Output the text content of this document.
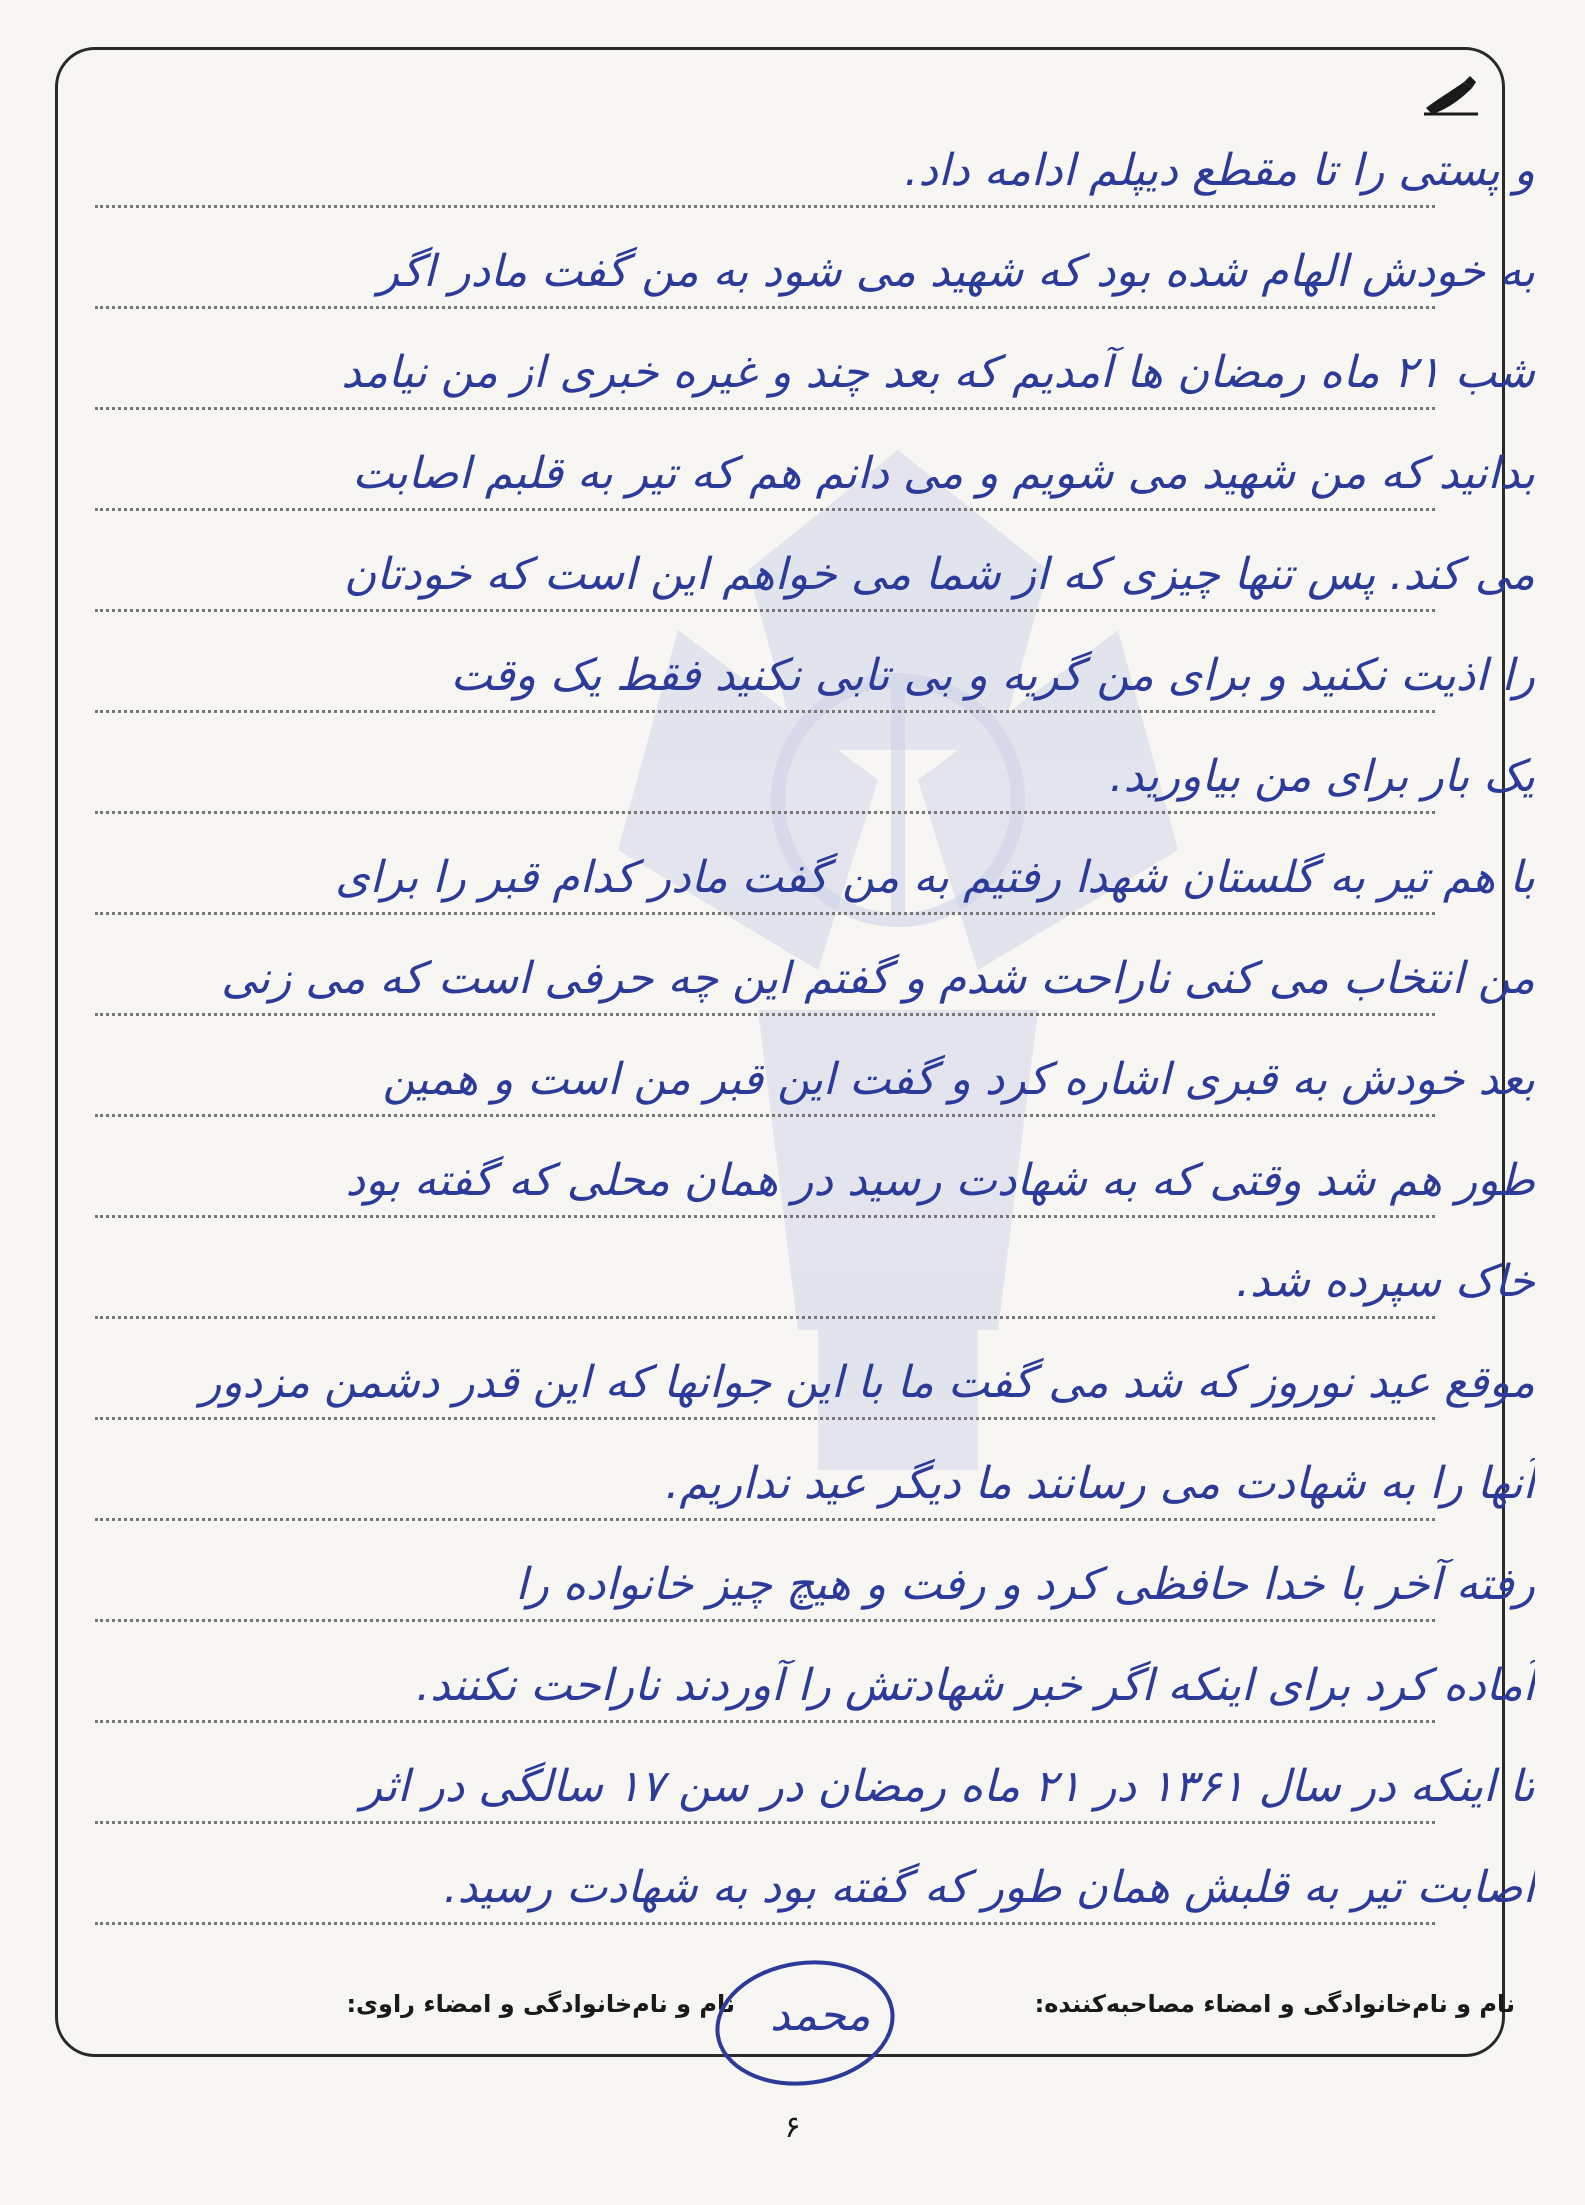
و پستی را تا مقطع دیپلم ادامه داد.
به خودش الهام شده بود که شهید می شود به من گفت مادر اگر
شب ۲۱ ماه رمضان ها آمدیم که بعد چند و غیره خبری از من نیامد
بدانید که من شهید می شویم و می دانم هم که تیر به قلبم اصابت
می کند. پس تنها چیزی که از شما می خواهم این است که خودتان
را اذیت نکنید و برای من گریه و بی تابی نکنید فقط یک وقت
یک بار برای من بیاورید.
با هم تیر به گلستان شهدا رفتیم به من گفت مادر کدام قبر را برای
من انتخاب می کنی ناراحت شدم و گفتم این چه حرفی است که می زنی
بعد خودش به قبری اشاره کرد و گفت این قبر من است و همین
طور هم شد وقتی که به شهادت رسید در همان محلی که گفته بود
خاک سپرده شد.
موقع عید نوروز که شد می گفت ما با این جوانها که این قدر دشمن مزدور
آنها را به شهادت می رسانند ما دیگر عید نداریم.
رفته آخر با خدا حافظی کرد و رفت و هیچ چیز خانواده را
آماده کرد برای اینکه اگر خبر شهادتش را آوردند ناراحت نکنند.
تا اینکه در سال ۱۳۶۱ در ۲۱ ماه رمضان در سن ۱۷ سالگی در اثر
اصابت تیر به قلبش همان طور که گفته بود به شهادت رسید.
نام و نام‌خانوادگی و امضاء مصاحبه‌کننده:
نام و نام‌خانوادگی و امضاء راوی: محمد
۶
